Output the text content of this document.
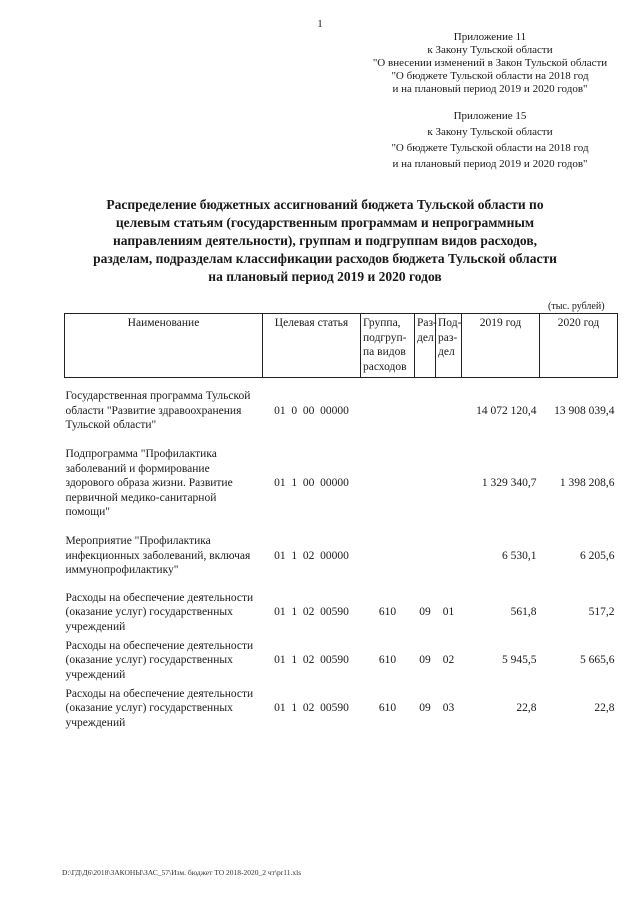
1
Приложение 11
к Закону Тульской области
"О внесении изменений в Закон Тульской области
"О бюджете Тульской области на 2018 год
и на плановый период 2019 и 2020 годов"
Приложение 15
к Закону Тульской области
"О бюджете Тульской области на 2018 год
и на плановый период 2019 и 2020 годов"
Распределение бюджетных ассигнований бюджета Тульской области по целевым статьям (государственным программам и непрограммным направлениям деятельности), группам и подгруппам видов расходов, разделам, подразделам классификации расходов бюджета Тульской области на плановый период 2019 и 2020 годов
(тыс. рублей)
Наименование	Целевая статья	Группа, подгруп-па видов расходов	Раз-дел	Под-раз-дел	2019 год	2020 год
Государственная программа Тульской области "Развитие здравоохранения Тульской области"	01  0  00  00000				14 072 120,4	13 908 039,4
Подпрограмма "Профилактика заболеваний и формирование здорового образа жизни. Развитие первичной медико-санитарной помощи"	01  1  00  00000				1 329 340,7	1 398 208,6
Мероприятие "Профилактика инфекционных заболеваний, включая иммунопрофилактику"	01  1  02  00000				6 530,1	6 205,6
Расходы на обеспечение деятельности (оказание услуг) государственных учреждений	01  1  02  00590	610	09	01	561,8	517,2
Расходы на обеспечение деятельности (оказание услуг) государственных учреждений	01  1  02  00590	610	09	02	5 945,5	5 665,6
Расходы на обеспечение деятельности (оказание услуг) государственных учреждений	01  1  02  00590	610	09	03	22,8	22,8
D:\ГД\Д6\2018\ЗАКОНЫ\ЗАС_57\Изм. бюджет ТО 2018-2020_2 чт\pr11.xls
